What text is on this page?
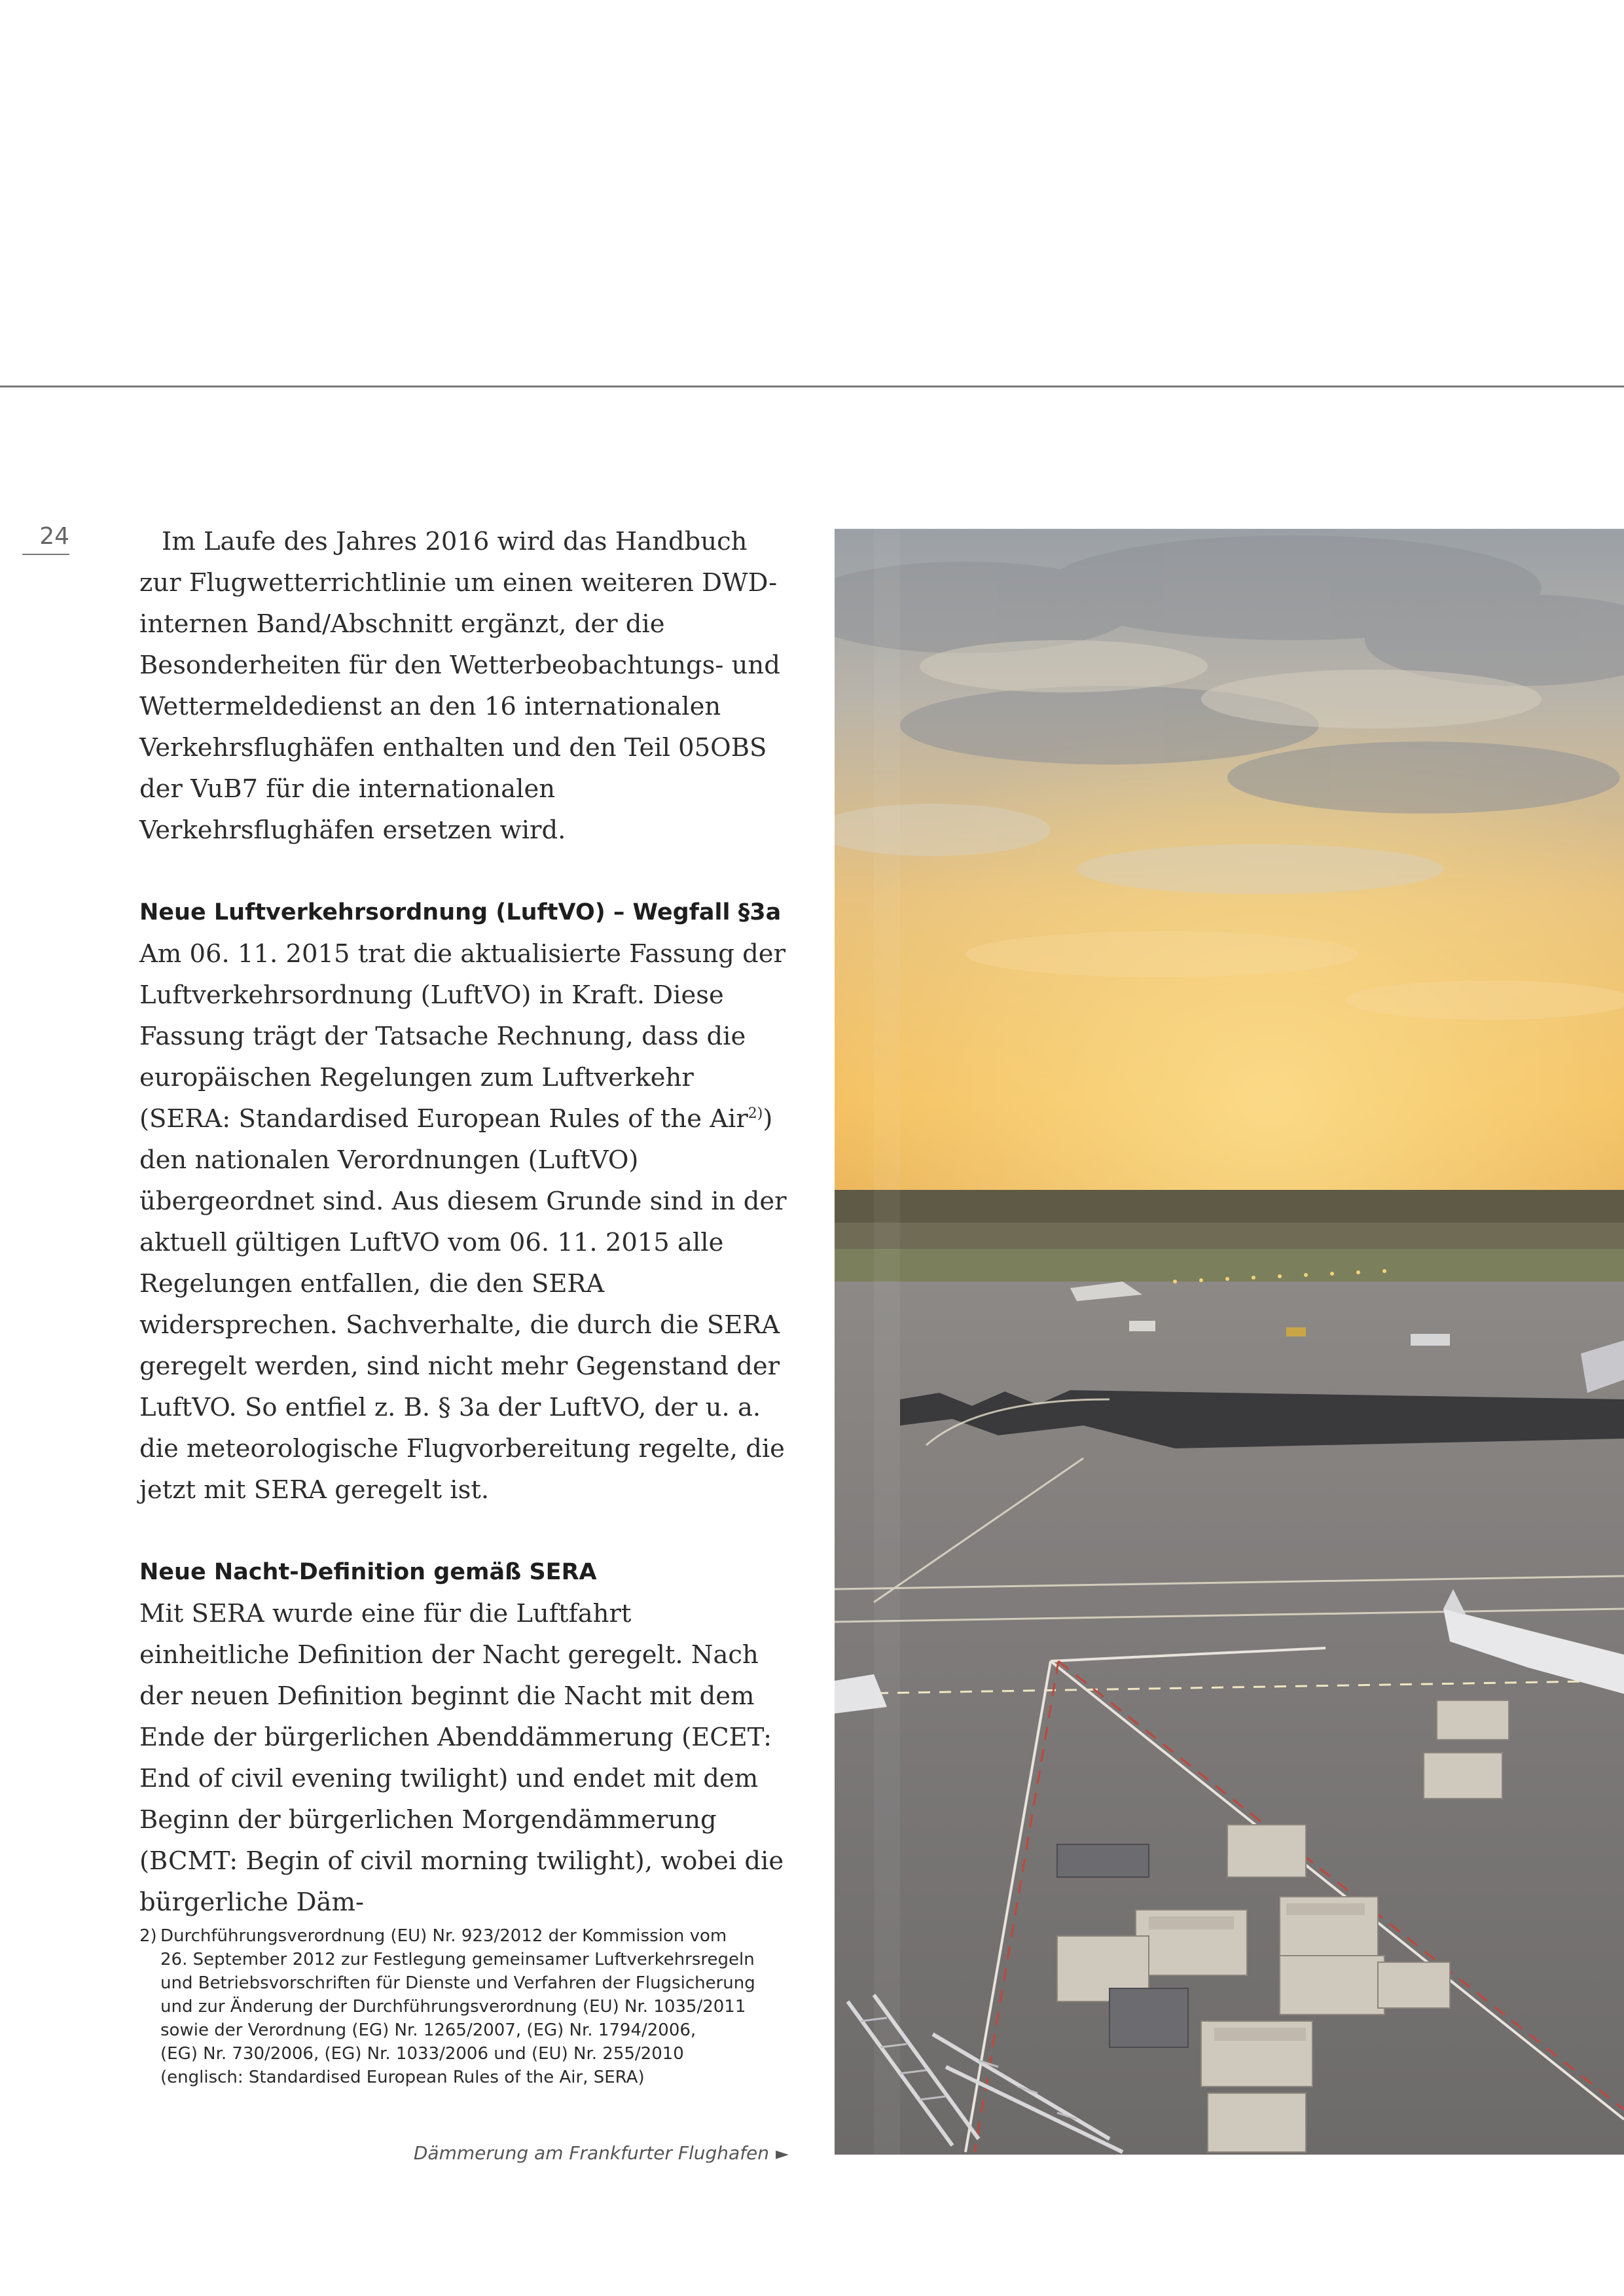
24	Im Laufe des Jahres 2016 wird das Handbuch zur Flugwetterrichtlinie um einen weiteren DWD-internen Band/Abschnitt ergänzt, der die Besonderheiten für den Wetterbeobachtungs- und Wettermeldedienst an den 16 internationalen Verkehrsflughäfen enthalten und den Teil 05OBS der VuB7 für die internationalen Verkehrsflughäfen ersetzen wird.

Neue Luftverkehrsordnung (LuftVO) – Wegfall §3a

Am 06. 11. 2015 trat die aktualisierte Fassung der Luftverkehrsordnung (LuftVO) in Kraft. Diese Fassung trägt der Tatsache Rechnung, dass die europäischen Regelungen zum Luftverkehr (SERA: Standardised European Rules of the Air$^{2)}$) den nationalen Verordnungen (LuftVO) übergeordnet sind. Aus diesem Grunde sind in der aktuell gültigen LuftVO vom 06. 11. 2015 alle Regelungen entfallen, die den SERA widersprechen. Sachverhalte, die durch die SERA geregelt werden, sind nicht mehr Gegenstand der LuftVO. So entfiel z. B. § 3a der LuftVO, der u. a. die meteorologische Flugvorbereitung regelte, die jetzt mit SERA geregelt ist.

Neue Nacht-Definition gemäß SERA

Mit SERA wurde eine für die Luftfahrt einheitliche Definition der Nacht geregelt. Nach der neuen Definition beginnt die Nacht mit dem Ende der bürgerlichen Abenddämmerung (ECET: End of civil evening twilight) und endet mit dem Beginn der bürgerlichen Morgendämmerung (BCMT: Begin of civil morning twilight), wobei die bürgerliche Däm-

2) Durchführungsverordnung (EU) Nr. 923/2012 der Kommission vom
26. September 2012 zur Festlegung gemeinsamer Luftverkehrsregeln
und Betriebsvorschriften für Dienste und Verfahren der Flugsicherung
und zur Änderung der Durchführungsverordnung (EU) Nr. 1035/2011
sowie der Verordnung (EG) Nr. 1265/2007, (EG) Nr. 1794/2006,
(EG) Nr. 730/2006, (EG) Nr. 1033/2006 und (EU) Nr. 255/2010
(englisch: Standardised European Rules of the Air, SERA)
Dämmerung am Frankfurter Flughafen ►
